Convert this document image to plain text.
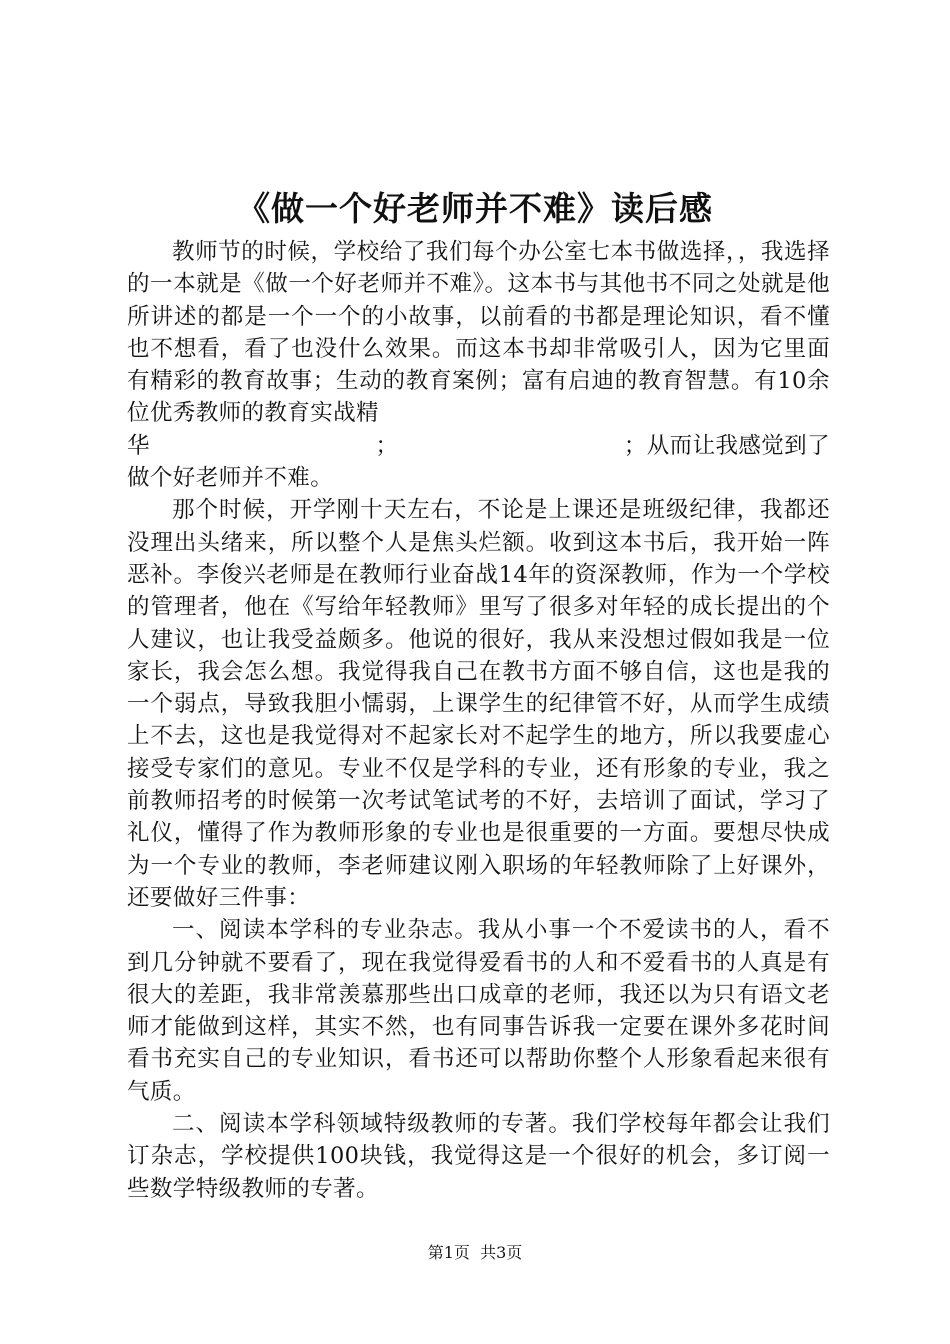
《做一个好老师并不难》读后感

教师节的时候，学校给了我们每个办公室七本书做选择，，我选择的一本就是《做一个好老师并不难》。这本书与其他书不同之处就是他所讲述的都是一个一个的小故事，以前看的书都是理论知识，看不懂也不想看，看了也没什么效果。而这本书却非常吸引人，因为它里面有精彩的教育故事；生动的教育案例；富有启迪的教育智慧。有10余位优秀教师的教育实战精

华	；	；从而让我感觉到了

做个好老师并不难。

那个时候，开学刚十天左右，不论是上课还是班级纪律，我都还没理出头绪来，所以整个人是焦头烂额。收到这本书后，我开始一阵恶补。李俊兴老师是在教师行业奋战14年的资深教师，作为一个学校的管理者，他在《写给年轻教师》里写了很多对年轻的成长提出的个人建议，也让我受益颇多。他说的很好，我从来没想过假如我是一位家长，我会怎么想。我觉得我自己在教书方面不够自信，这也是我的一个弱点，导致我胆小懦弱，上课学生的纪律管不好，从而学生成绩上不去，这也是我觉得对不起家长对不起学生的地方，所以我要虚心接受专家们的意见。专业不仅是学科的专业，还有形象的专业，我之前教师招考的时候第一次考试笔试考的不好，去培训了面试，学习了礼仪，懂得了作为教师形象的专业也是很重要的一方面。要想尽快成为一个专业的教师，李老师建议刚入职场的年轻教师除了上好课外，还要做好三件事：

一、阅读本学科的专业杂志。我从小事一个不爱读书的人，看不到几分钟就不要看了，现在我觉得爱看书的人和不爱看书的人真是有很大的差距，我非常羡慕那些出口成章的老师，我还以为只有语文老师才能做到这样，其实不然，也有同事告诉我一定要在课外多花时间看书充实自己的专业知识，看书还可以帮助你整个人形象看起来很有气质。

二、阅读本学科领域特级教师的专著。我们学校每年都会让我们订杂志，学校提供100块钱，我觉得这是一个很好的机会，多订阅一些数学特级教师的专著。

第1页 共3页
